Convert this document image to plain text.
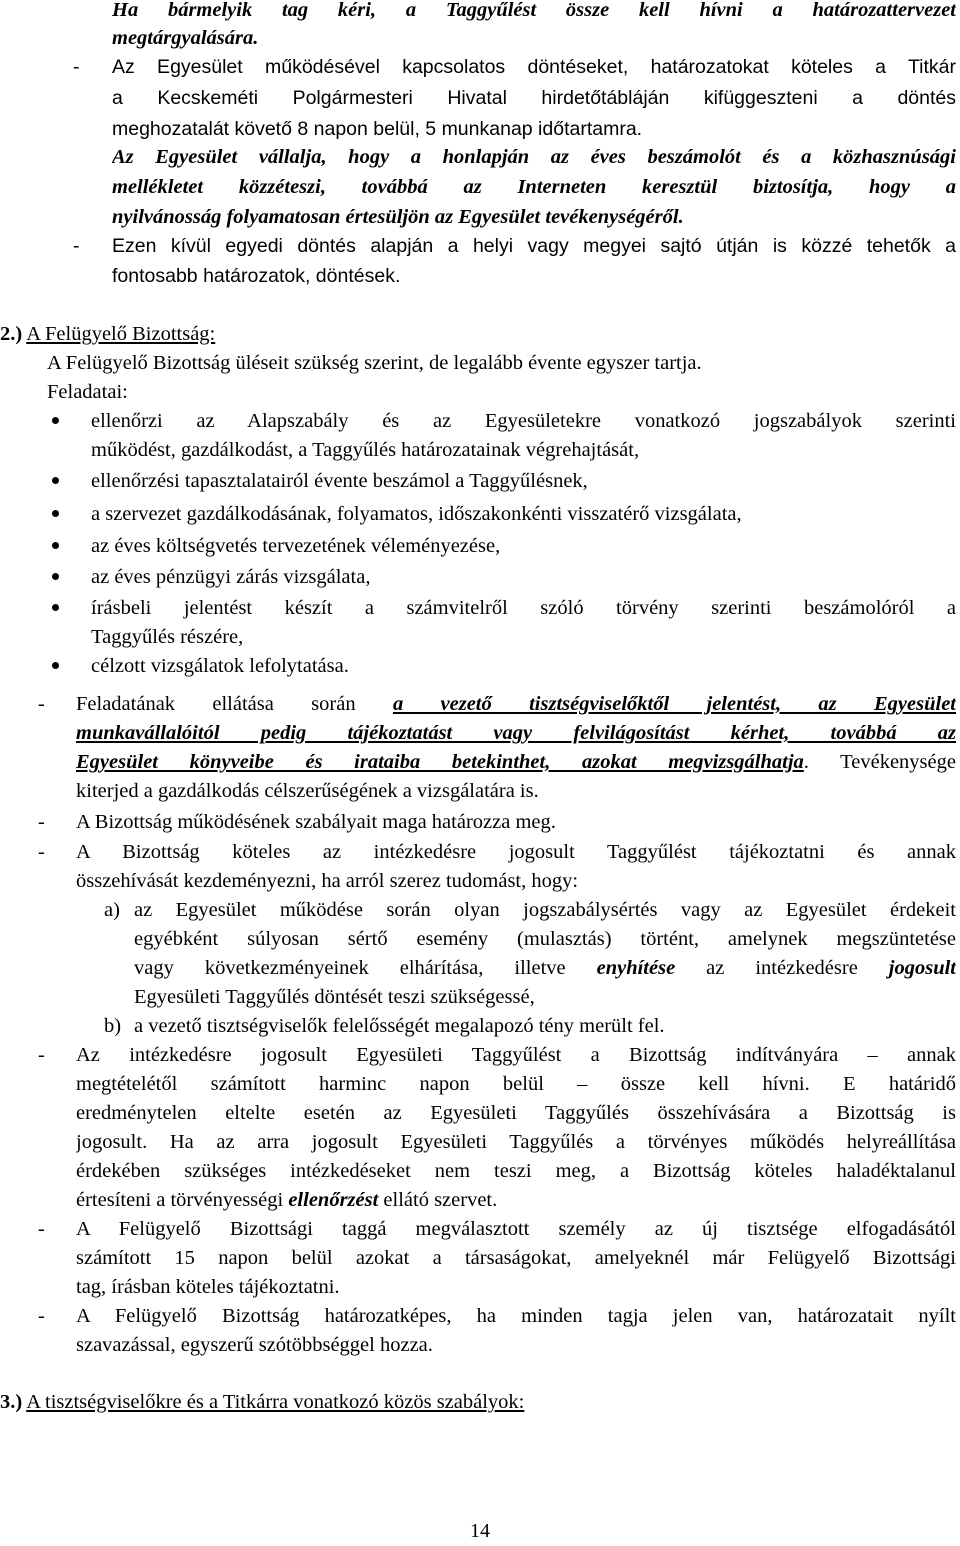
Ha bármelyik tag kéri, a Taggyűlést össze kell hívni a határozattervezet
megtárgyalására.
- Az Egyesület működésével kapcsolatos döntéseket, határozatokat köteles a Titkár
a Kecskeméti Polgármesteri Hivatal hirdetőtábláján kifüggeszteni a döntés
meghozatalát követő 8 napon belül, 5 munkanap időtartamra.
Az Egyesület vállalja, hogy a honlapján az éves beszámolót és a közhasznúsági
mellékletet közzéteszi, továbbá az Interneten keresztül biztosítja, hogy a
nyilvánosság folyamatosan értesüljön az Egyesület tevékenységéről.
- Ezen kívül egyedi döntés alapján a helyi vagy megyei sajtó útján is közzé tehetők a
fontosabb határozatok, döntések.
2.) A Felügyelő Bizottság:
A Felügyelő Bizottság üléseit szükség szerint, de legalább évente egyszer tartja.
Feladatai:
ellenőrzi az Alapszabály és az Egyesületekre vonatkozó jogszabályok szerinti
működést, gazdálkodást, a Taggyűlés határozatainak végrehajtását,
ellenőrzési tapasztalatairól évente beszámol a Taggyűlésnek,
a szervezet gazdálkodásának, folyamatos, időszakonkénti visszatérő vizsgálata,
az éves költségvetés tervezetének véleményezése,
az éves pénzügyi zárás vizsgálata,
írásbeli jelentést készít a számvitelről szóló törvény szerinti beszámolóról a
Taggyűlés részére,
célzott vizsgálatok lefolytatása.
- Feladatának ellátása során a vezető tisztségviselőktől jelentést, az Egyesület
munkavállalóitól pedig tájékoztatást vagy felvilágosítást kérhet, továbbá az
Egyesület könyveibe és irataiba betekinthet, azokat megvizsgálhatja. Tevékenysége
kiterjed a gazdálkodás célszerűségének a vizsgálatára is.
- A Bizottság működésének szabályait maga határozza meg.
- A Bizottság köteles az intézkedésre jogosult Taggyűlést tájékoztatni és annak
összehívását kezdeményezni, ha arról szerez tudomást, hogy:
a) az Egyesület működése során olyan jogszabálysértés vagy az Egyesület érdekeit
egyébként súlyosan sértő esemény (mulasztás) történt, amelynek megszüntetése
vagy következményeinek elhárítása, illetve enyhítése az intézkedésre jogosult
Egyesületi Taggyűlés döntését teszi szükségessé,
b) a vezető tisztségviselők felelősségét megalapozó tény merült fel.
- Az intézkedésre jogosult Egyesületi Taggyűlést a Bizottság indítványára – annak
megtételétől számított harminc napon belül – össze kell hívni. E határidő
eredménytelen eltelte esetén az Egyesületi Taggyűlés összehívására a Bizottság is
jogosult. Ha az arra jogosult Egyesületi Taggyűlés a törvényes működés helyreállítása
érdekében szükséges intézkedéseket nem teszi meg, a Bizottság köteles haladéktalanul
értesíteni a törvényességi ellenőrzést ellátó szervet.
- A Felügyelő Bizottsági taggá megválasztott személy az új tisztsége elfogadásától
számított 15 napon belül azokat a társaságokat, amelyeknél már Felügyelő Bizottsági
tag, írásban köteles tájékoztatni.
- A Felügyelő Bizottság határozatképes, ha minden tagja jelen van, határozatait nyílt
szavazással, egyszerű szótöbbséggel hozza.
3.) A tisztségviselőkre és a Titkárra vonatkozó közös szabályok:
14
